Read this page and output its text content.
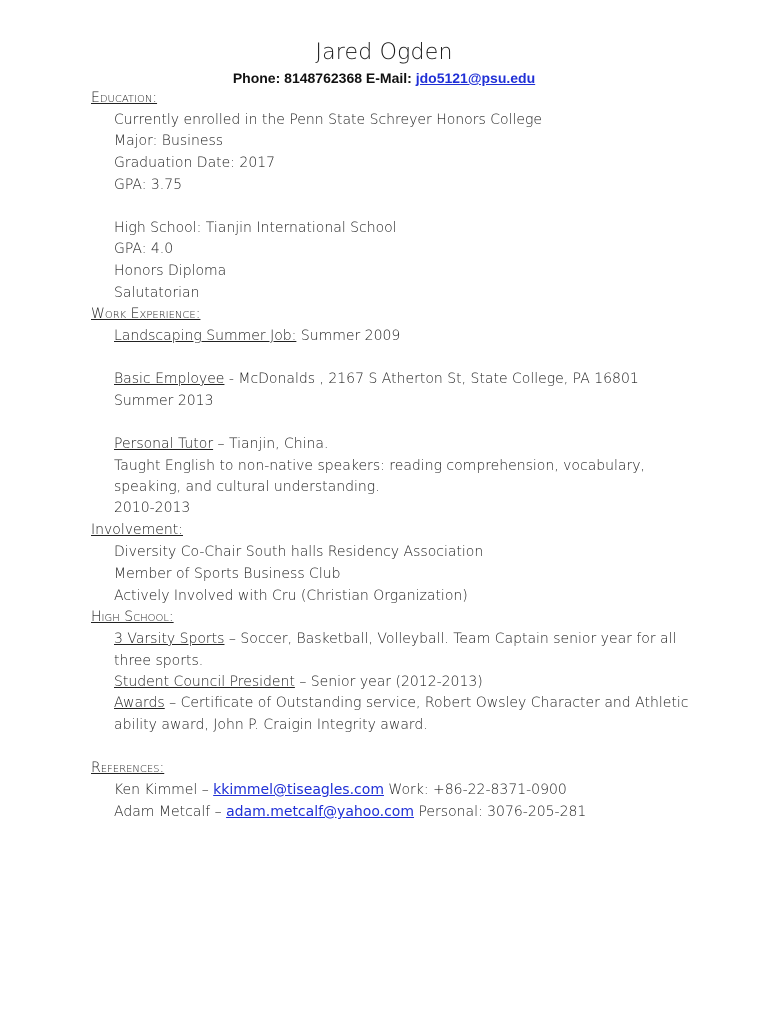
Jared Ogden
Phone: 8148762368 E-Mail: jdo5121@psu.edu
Education:
Currently enrolled in the Penn State Schreyer Honors College
Major: Business
Graduation Date: 2017
GPA: 3.75
High School: Tianjin International School
GPA: 4.0
Honors Diploma
Salutatorian
Work Experience:
Landscaping Summer Job: Summer 2009
Basic Employee - McDonalds , 2167 S Atherton St, State College, PA 16801
Summer 2013
Personal Tutor – Tianjin, China.
Taught English to non-native speakers: reading comprehension, vocabulary,
speaking, and cultural understanding.
2010-2013
Involvement:
Diversity Co-Chair South halls Residency Association
Member of Sports Business Club
Actively Involved with Cru (Christian Organization)
High School:
3 Varsity Sports – Soccer, Basketball, Volleyball. Team Captain senior year for all
three sports.
Student Council President – Senior year (2012-2013)
Awards – Certificate of Outstanding service, Robert Owsley Character and Athletic
ability award, John P. Craigin Integrity award.
References:
Ken Kimmel – kkimmel@tiseagles.com Work: +86-22-8371-0900
Adam Metcalf – adam.metcalf@yahoo.com Personal: 3076-205-281
